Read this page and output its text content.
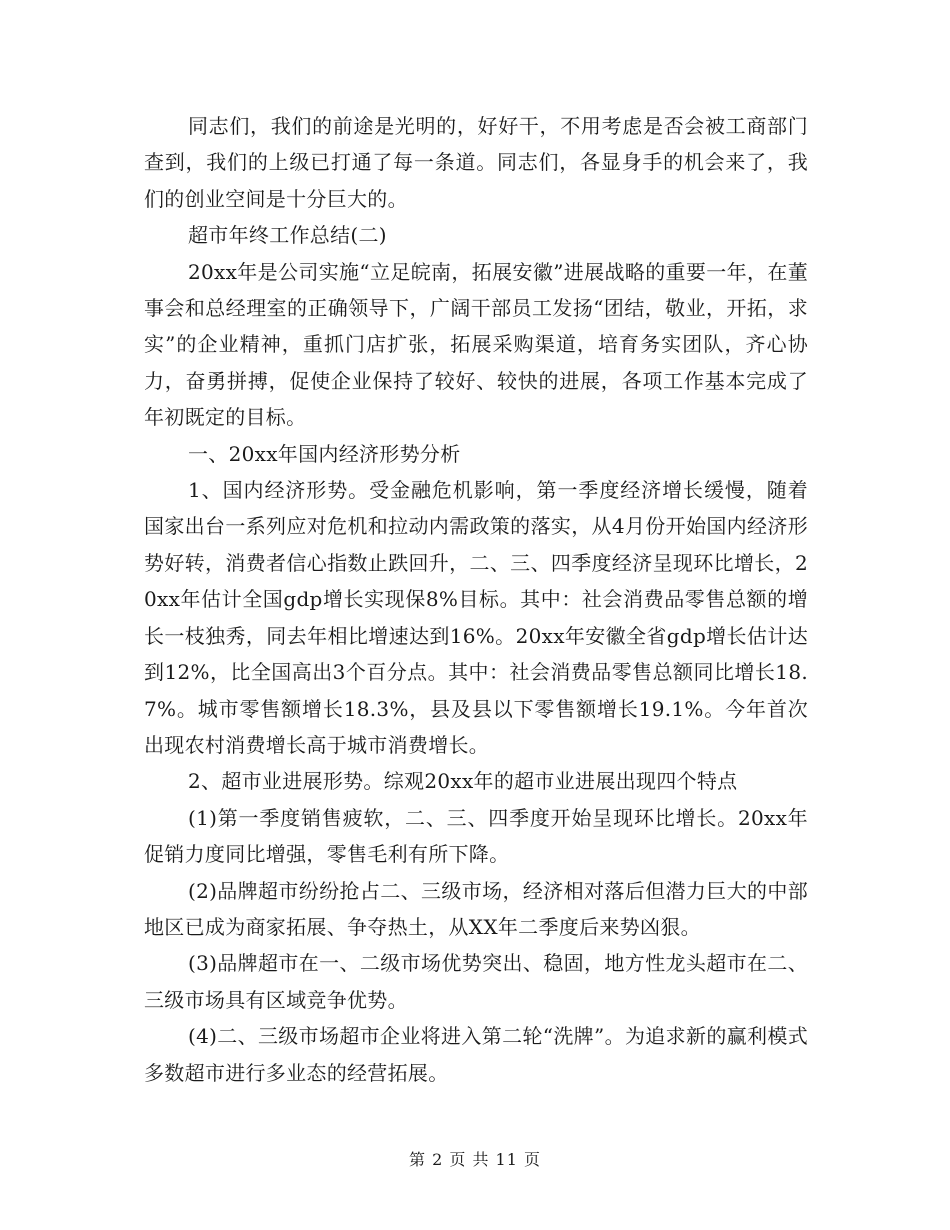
同志们，我们的前途是光明的，好好干，不用考虑是否会被工商部门查到，我们的上级已打通了每一条道。同志们，各显身手的机会来了，我们的创业空间是十分巨大的。

超市年终工作总结(二)

20xx年是公司实施“立足皖南，拓展安徽”进展战略的重要一年，在董事会和总经理室的正确领导下，广阔干部员工发扬“团结，敬业，开拓，求实”的企业精神，重抓门店扩张，拓展采购渠道，培育务实团队，齐心协力，奋勇拼搏，促使企业保持了较好、较快的进展，各项工作基本完成了年初既定的目标。

一、20xx年国内经济形势分析

1、国内经济形势。受金融危机影响，第一季度经济增长缓慢，随着国家出台一系列应对危机和拉动内需政策的落实，从4月份开始国内经济形势好转，消费者信心指数止跌回升，二、三、四季度经济呈现环比增长，20xx年估计全国gdp增长实现保8%目标。其中：社会消费品零售总额的增长一枝独秀，同去年相比增速达到16%。20xx年安徽全省gdp增长估计达到12%，比全国高出3个百分点。其中：社会消费品零售总额同比增长18.7%。城市零售额增长18.3%，县及县以下零售额增长19.1%。今年首次出现农村消费增长高于城市消费增长。

2、超市业进展形势。综观20xx年的超市业进展出现四个特点

(1)第一季度销售疲软，二、三、四季度开始呈现环比增长。20xx年促销力度同比增强，零售毛利有所下降。

(2)品牌超市纷纷抢占二、三级市场，经济相对落后但潜力巨大的中部地区已成为商家拓展、争夺热土，从XX年二季度后来势凶狠。

(3)品牌超市在一、二级市场优势突出、稳固，地方性龙头超市在二、三级市场具有区域竞争优势。

(4)二、三级市场超市企业将进入第二轮“洗牌”。为追求新的赢利模式多数超市进行多业态的经营拓展。

第 2 页 共 11 页
